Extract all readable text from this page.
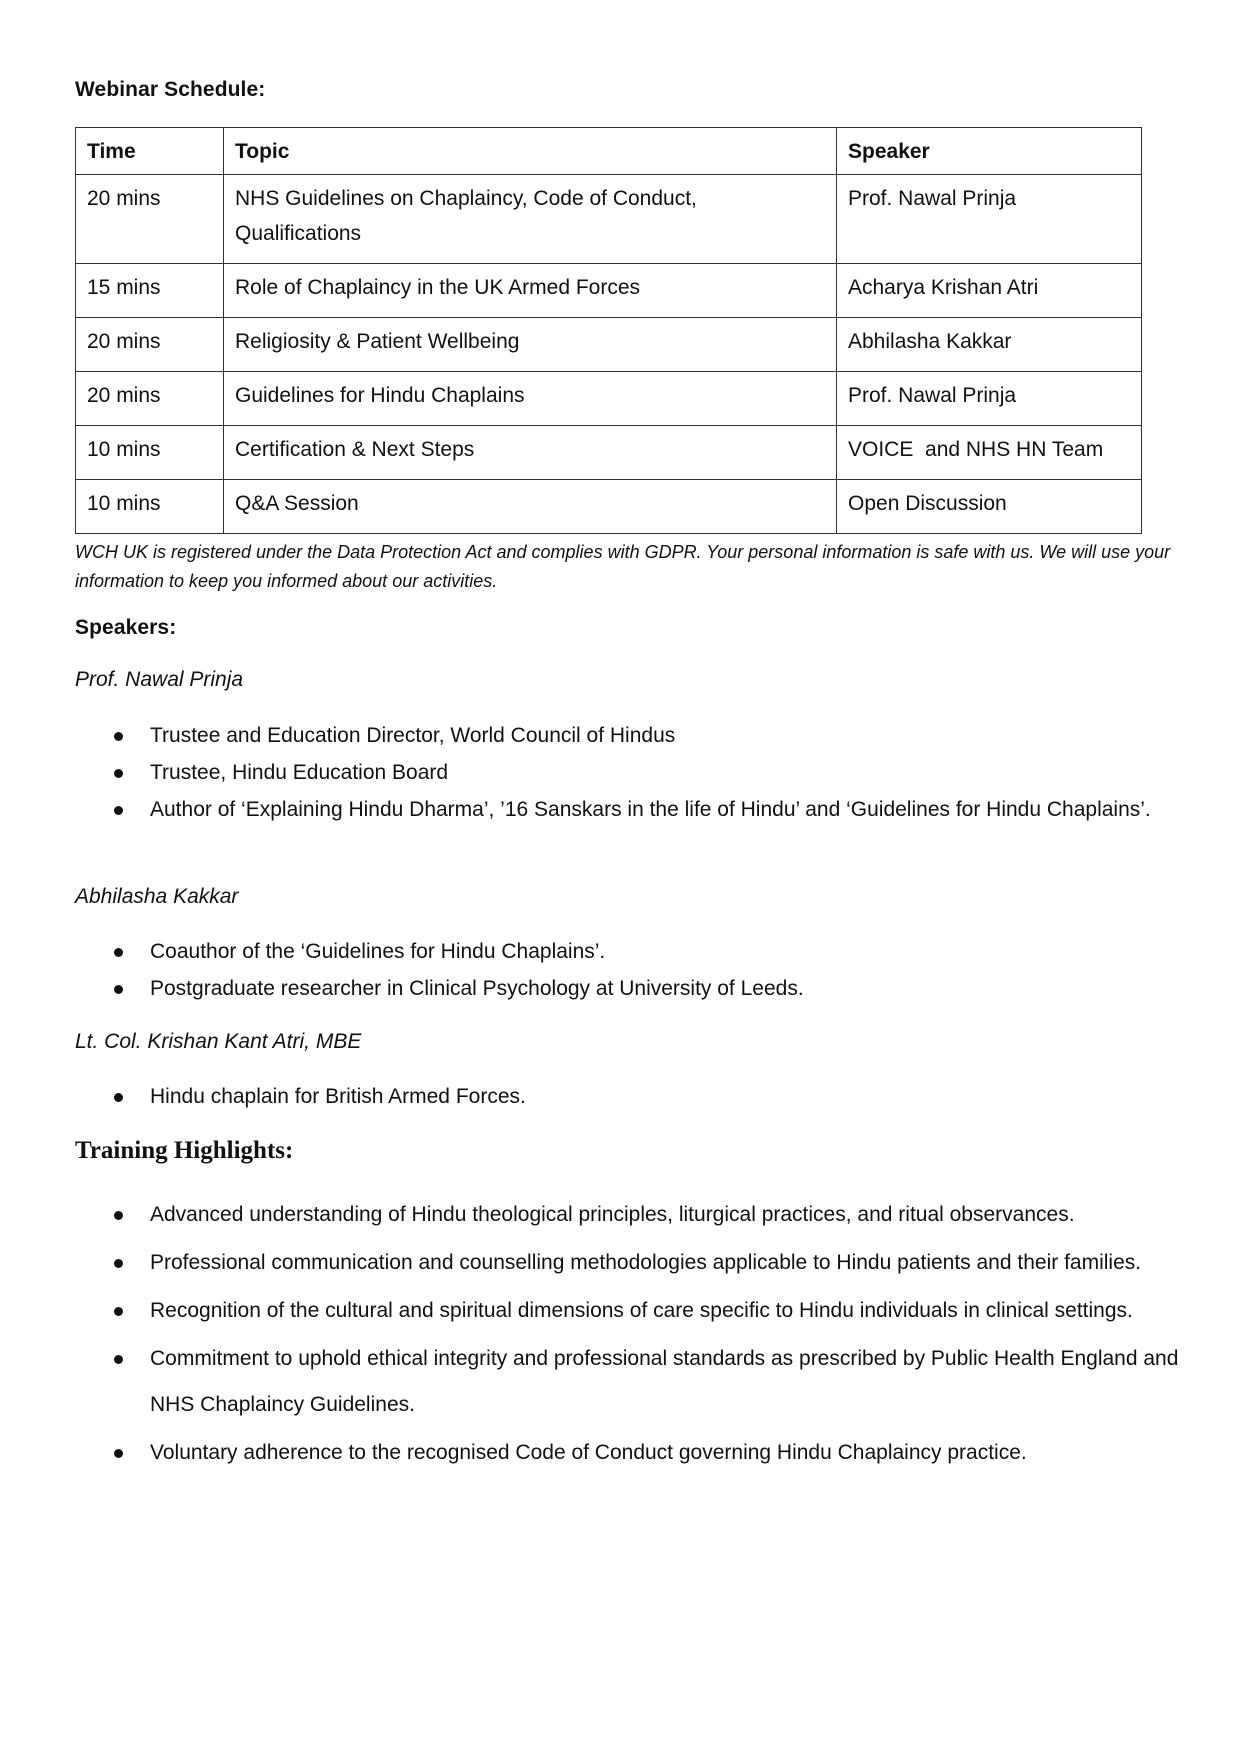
Webinar Schedule:
Time	Topic	Speaker
20 mins	NHS Guidelines on Chaplaincy, Code of Conduct, Qualifications	Prof. Nawal Prinja
15 mins	Role of Chaplaincy in the UK Armed Forces	Acharya Krishan Atri
20 mins	Religiosity & Patient Wellbeing	Abhilasha Kakkar
20 mins	Guidelines for Hindu Chaplains	Prof. Nawal Prinja
10 mins	Certification & Next Steps	VOICE  and NHS HN Team
10 mins	Q&A Session	Open Discussion

WCH UK is registered under the Data Protection Act and complies with GDPR. Your personal information is safe with us. We will use your information to keep you informed about our activities.

Speakers:

Prof. Nawal Prinja

Trustee and Education Director, World Council of Hindus
Trustee, Hindu Education Board
Author of ‘Explaining Hindu Dharma’, ’16 Sanskars in the life of Hindu’ and ‘Guidelines for Hindu Chaplains’.

Abhilasha Kakkar

Coauthor of the ‘Guidelines for Hindu Chaplains’.
Postgraduate researcher in Clinical Psychology at University of Leeds.

Lt. Col. Krishan Kant Atri, MBE

Hindu chaplain for British Armed Forces.
Training Highlights:
Advanced understanding of Hindu theological principles, liturgical practices, and ritual observances.
Professional communication and counselling methodologies applicable to Hindu patients and their families.
Recognition of the cultural and spiritual dimensions of care specific to Hindu individuals in clinical settings.
Commitment to uphold ethical integrity and professional standards as prescribed by Public Health England and NHS Chaplaincy Guidelines.
Voluntary adherence to the recognised Code of Conduct governing Hindu Chaplaincy practice.
